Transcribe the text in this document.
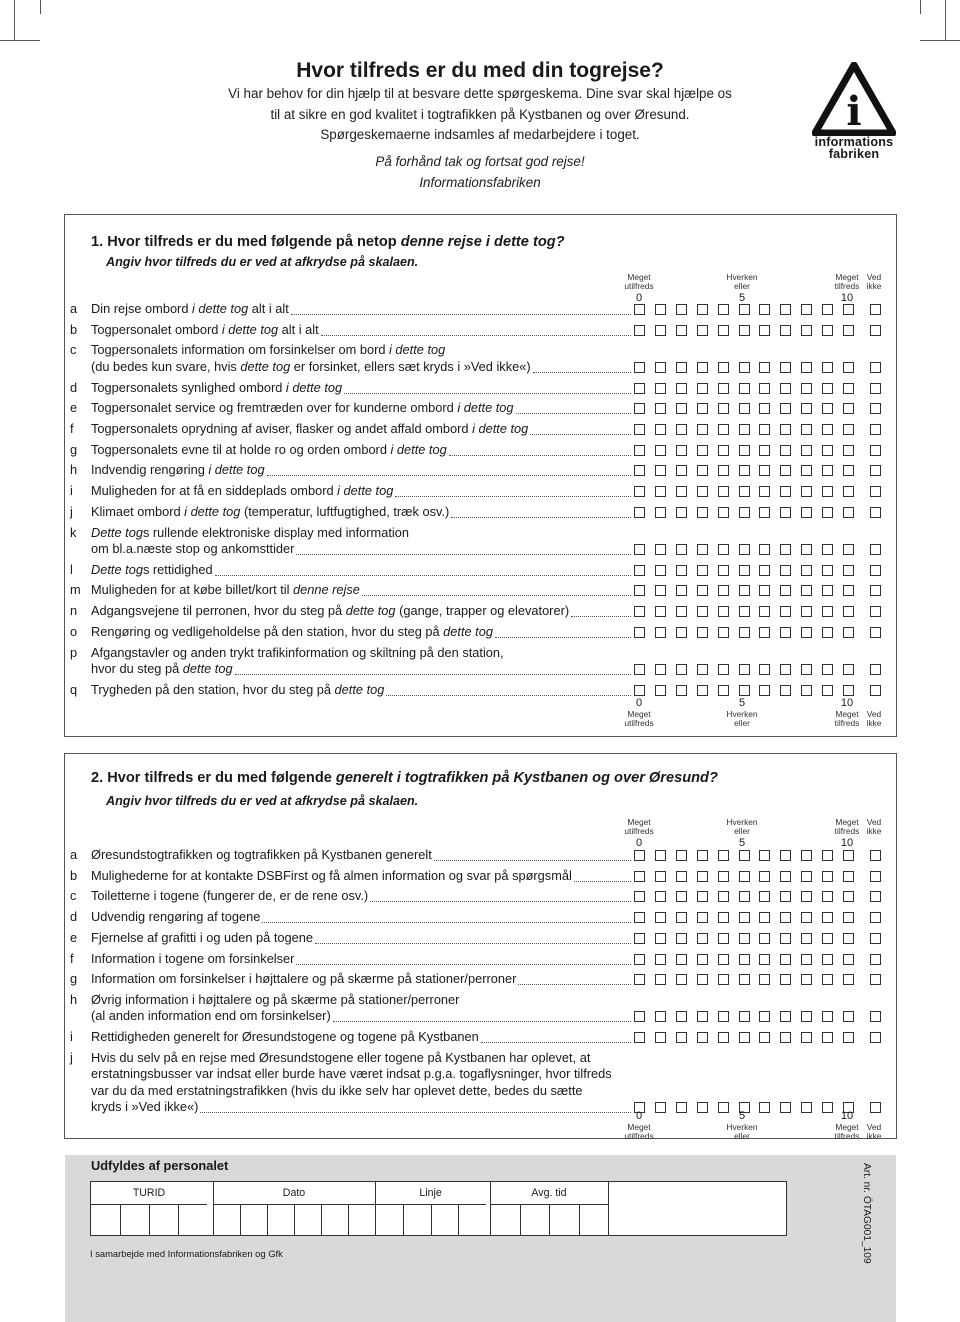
Hvor tilfreds er du med din togrejse?
Vi har behov for din hjælp til at besvare dette spørgeskema. Dine svar skal hjælpe os
til at sikre en god kvalitet i togtrafikken på Kystbanen og over Øresund.
Spørgeskemaerne indsamles af medarbejdere i toget.
På forhånd tak og fortsat god rejse!
Informationsfabriken
i
informations
fabriken
1. Hvor tilfreds er du med følgende på netop denne rejse i dette tog?
Angiv hvor tilfreds du er ved at afkrydse på skalaen.
Meget
utilfreds
Hverken
eller
Meget
tilfreds
Ved
ikke
0	5	10
a Din rejse ombord i dette tog alt i alt
b Togpersonalet ombord i dette tog alt i alt
c Togpersonalets information om forsinkelser om bord i dette tog
(du bedes kun svare, hvis dette tog er forsinket, ellers sæt kryds i »Ved ikke«)
d Togpersonalets synlighed ombord i dette tog
e Togpersonalet service og fremtræden over for kunderne ombord i dette tog
f Togpersonalets oprydning af aviser, flasker og andet affald ombord i dette tog
g Togpersonalets evne til at holde ro og orden ombord i dette tog
h Indvendig rengøring i dette tog
i Muligheden for at få en siddeplads ombord i dette tog
j Klimaet ombord i dette tog (temperatur, luftfugtighed, træk osv.)
k Dette togs rullende elektroniske display med information
om bl.a.næste stop og ankomsttider
l Dette togs rettidighed
m Muligheden for at købe billet/kort til denne rejse
n Adgangsvejene til perronen, hvor du steg på dette tog (gange, trapper og elevatorer)
o Rengøring og vedligeholdelse på den station, hvor du steg på dette tog
p Afgangstavler og anden trykt trafikinformation og skiltning på den station,
hvor du steg på dette tog
q Trygheden på den station, hvor du steg på dette tog
Meget
utilfreds
Hverken
eller
Meget
tilfreds
Ved
ikke
0	5	10
2. Hvor tilfreds er du med følgende generelt i togtrafikken på Kystbanen og over Øresund?
Angiv hvor tilfreds du er ved at afkrydse på skalaen.
Meget
utilfreds
Hverken
eller
Meget
tilfreds
Ved
ikke
0	5	10
a Øresundstogtrafikken og togtrafikken på Kystbanen generelt
b Mulighederne for at kontakte DSBFirst og få almen information og svar på spørgsmål
c Toiletterne i togene (fungerer de, er de rene osv.)
d Udvendig rengøring af togene
e Fjernelse af grafitti i og uden på togene
f Information i togene om forsinkelser
g Information om forsinkelser i højttalere og på skærme på stationer/perroner
h Øvrig information i højttalere og på skærme på stationer/perroner
(al anden information end om forsinkelser)
i Rettidigheden generelt for Øresundstogene og togene på Kystbanen
j Hvis du selv på en rejse med Øresundstogene eller togene på Kystbanen har oplevet, at
erstatningsbusser var indsat eller burde have været indsat p.g.a. togaflysninger, hvor tilfreds
var du da med erstatningstrafikken (hvis du ikke selv har oplevet dette, bedes du sætte
kryds i »Ved ikke«)
Meget
utilfreds
Hverken
eller
Meget
tilfreds
Ved
ikke
0	5	10
Udfyldes af personalet
TURID	Dato	Linje	Avg. tid
I samarbejde med Informationsfabriken og Gfk	Art. nr. ÖTAG001_109
